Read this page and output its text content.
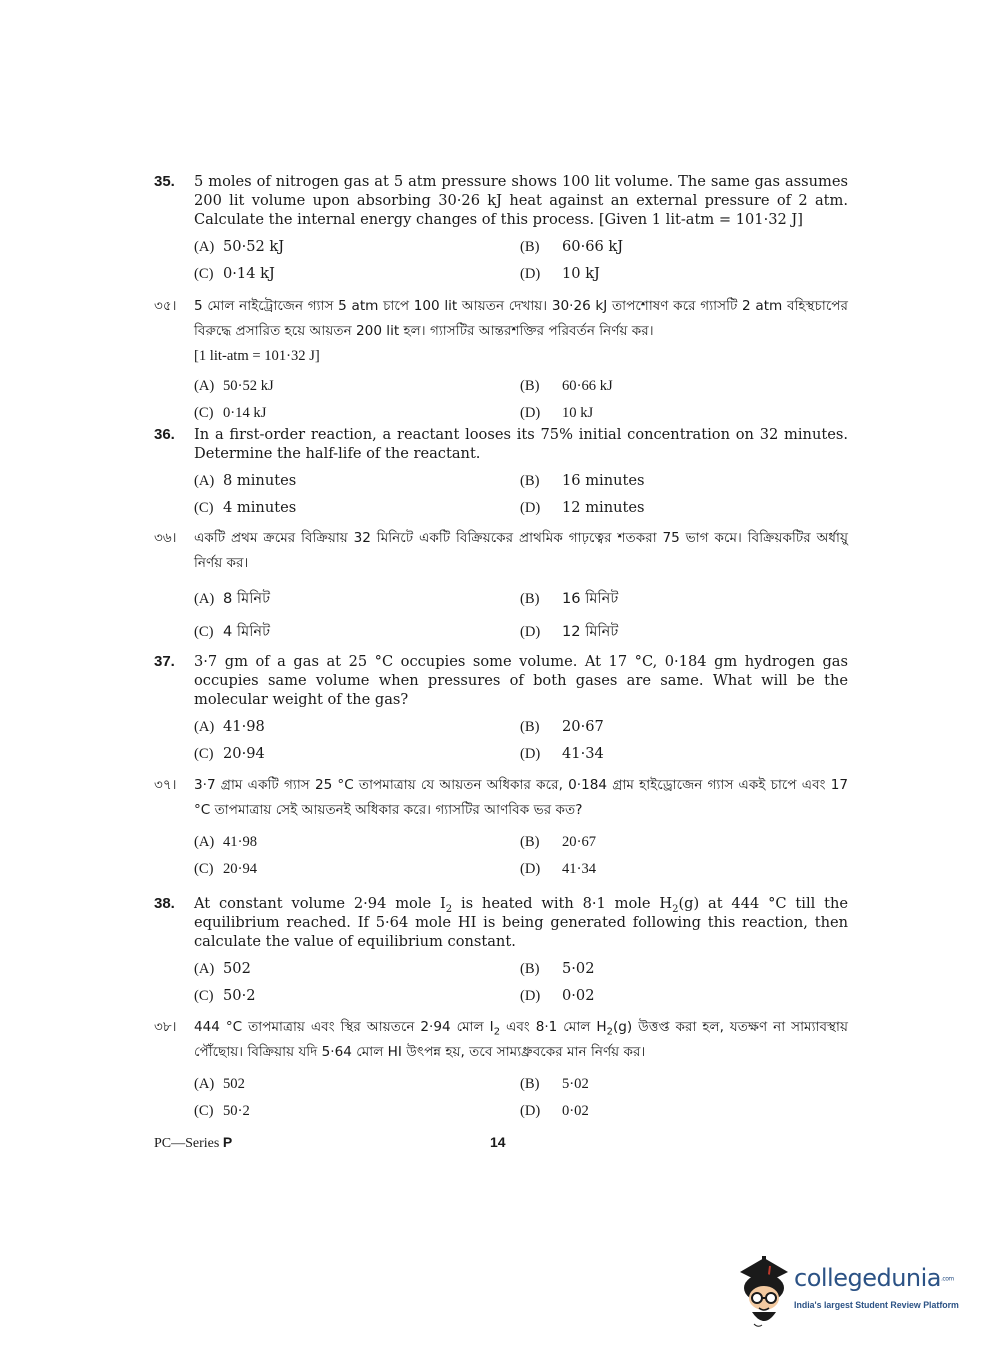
35. 5 moles of nitrogen gas at 5 atm pressure shows 100 lit volume. The same gas assumes 200 lit volume upon absorbing 30·26 kJ heat against an external pressure of 2 atm. Calculate the internal energy changes of this process. [Given 1 lit-atm = 101·32 J]
(A) 50·52 kJ	(B) 60·66 kJ
(C) 0·14 kJ	(D) 10 kJ
৩৫। 5 মোল নাইট্রোজেন গ্যাস 5 atm চাপে 100 lit আয়তন দেখায়। 30·26 kJ তাপশোষণ করে গ্যাসটি 2 atm বহিস্থচাপের বিরুদ্ধে প্রসারিত হয়ে আয়তন 200 lit হল। গ্যাসটির আন্তরশক্তির পরিবর্তন নির্ণয় কর।
[1 lit-atm = 101·32 J]
(A) 50·52 kJ	(B) 60·66 kJ
(C) 0·14 kJ	(D) 10 kJ
36. In a first-order reaction, a reactant looses its 75% initial concentration on 32 minutes. Determine the half-life of the reactant.
(A) 8 minutes	(B) 16 minutes
(C) 4 minutes	(D) 12 minutes
৩৬। একটি প্রথম ক্রমের বিক্রিয়ায় 32 মিনিটে একটি বিক্রিয়কের প্রাথমিক গাঢ়ত্বের শতকরা 75 ভাগ কমে। বিক্রিয়কটির অর্ধায়ু নির্ণয় কর।
(A) 8 মিনিট	(B) 16 মিনিট
(C) 4 মিনিট	(D) 12 মিনিট
37. 3·7 gm of a gas at 25 °C occupies some volume. At 17 °C, 0·184 gm hydrogen gas occupies same volume when pressures of both gases are same. What will be the molecular weight of the gas?
(A) 41·98	(B) 20·67
(C) 20·94	(D) 41·34
৩৭। 3·7 গ্রাম একটি গ্যাস 25 °C তাপমাত্রায় যে আয়তন অধিকার করে, 0·184 গ্রাম হাইড্রোজেন গ্যাস একই চাপে এবং 17 °C তাপমাত্রায় সেই আয়তনই অধিকার করে। গ্যাসটির আণবিক ভর কত?
(A) 41·98	(B) 20·67
(C) 20·94	(D) 41·34
38. At constant volume 2·94 mole $I_2$ is heated with 8·1 mole $H_2(g)$ at 444 °C till the equilibrium reached. If 5·64 mole HI is being generated following this reaction, then calculate the value of equilibrium constant.
(A) 502	(B) 5·02
(C) 50·2	(D) 0·02
৩৮। 444 °C তাপমাত্রায় এবং স্থির আয়তনে 2·94 মোল $I_2$ এবং 8·1 মোল $H_2(g)$ উত্তপ্ত করা হল, যতক্ষণ না সাম্যাবস্থায় পৌঁছোয়। বিক্রিয়ায় যদি 5·64 মোল HI উৎপন্ন হয়, তবে সাম্যধ্রুবকের মান নির্ণয় কর।
(A) 502	(B) 5·02
(C) 50·2	(D) 0·02
PC—Series P	14
collegedunia.com
India's largest Student Review Platform
